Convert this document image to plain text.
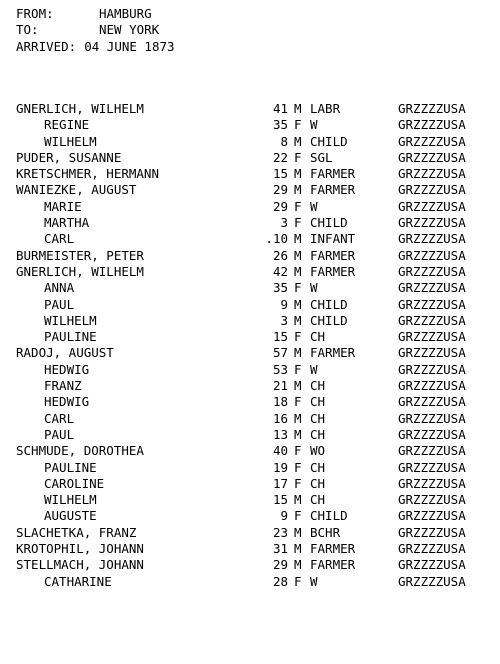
FROM:	HAMBURG
TO:	NEW YORK
ARRIVED: 04 JUNE 1873
GNERLICH, WILHELM	41 M LABR	GRZZZZUSA
REGINE	35 F W	GRZZZZUSA
WILHELM	8 M CHILD	GRZZZZUSA
PUDER, SUSANNE	22 F SGL	GRZZZZUSA
KRETSCHMER, HERMANN	15 M FARMER	GRZZZZUSA
WANIEZKE, AUGUST	29 M FARMER	GRZZZZUSA
MARIE	29 F W	GRZZZZUSA
MARTHA	3 F CHILD	GRZZZZUSA
CARL	.10 M INFANT	GRZZZZUSA
BURMEISTER, PETER	26 M FARMER	GRZZZZUSA
GNERLICH, WILHELM	42 M FARMER	GRZZZZUSA
ANNA	35 F W	GRZZZZUSA
PAUL	9 M CHILD	GRZZZZUSA
WILHELM	3 M CHILD	GRZZZZUSA
PAULINE	15 F CH	GRZZZZUSA
RADOJ, AUGUST	57 M FARMER	GRZZZZUSA
HEDWIG	53 F W	GRZZZZUSA
FRANZ	21 M CH	GRZZZZUSA
HEDWIG	18 F CH	GRZZZZUSA
CARL	16 M CH	GRZZZZUSA
PAUL	13 M CH	GRZZZZUSA
SCHMUDE, DOROTHEA	40 F WO	GRZZZZUSA
PAULINE	19 F CH	GRZZZZUSA
CAROLINE	17 F CH	GRZZZZUSA
WILHELM	15 M CH	GRZZZZUSA
AUGUSTE	9 F CHILD	GRZZZZUSA
SLACHETKA, FRANZ	23 M BCHR	GRZZZZUSA
KROTOPHIL, JOHANN	31 M FARMER	GRZZZZUSA
STELLMACH, JOHANN	29 M FARMER	GRZZZZUSA
CATHARINE	28 F W	GRZZZZUSA
